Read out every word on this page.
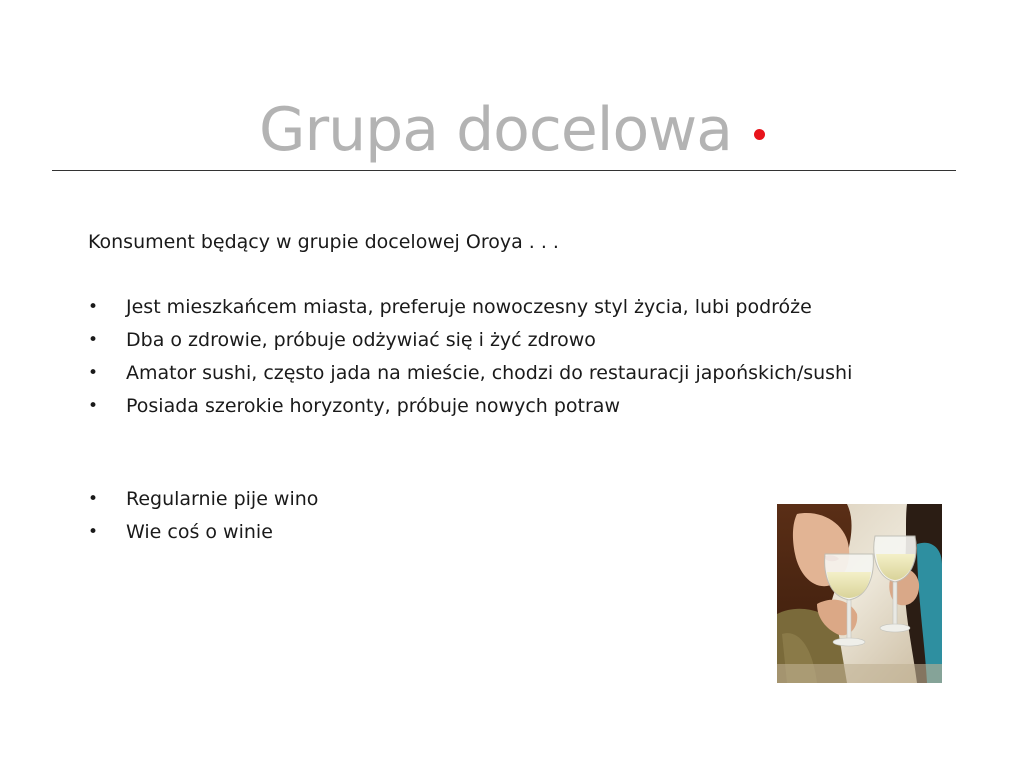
Grupa docelowa
Konsument będący w grupie docelowej Oroya . . .
•	Jest mieszkańcem miasta, preferuje nowoczesny styl życia, lubi podróże
•	Dba o zdrowie, próbuje odżywiać się i żyć zdrowo
•	Amator sushi, często jada na mieście, chodzi do restauracji japońskich/sushi
•	Posiada szerokie horyzonty, próbuje nowych potraw
•	Regularnie pije wino
•	Wie coś o winie
